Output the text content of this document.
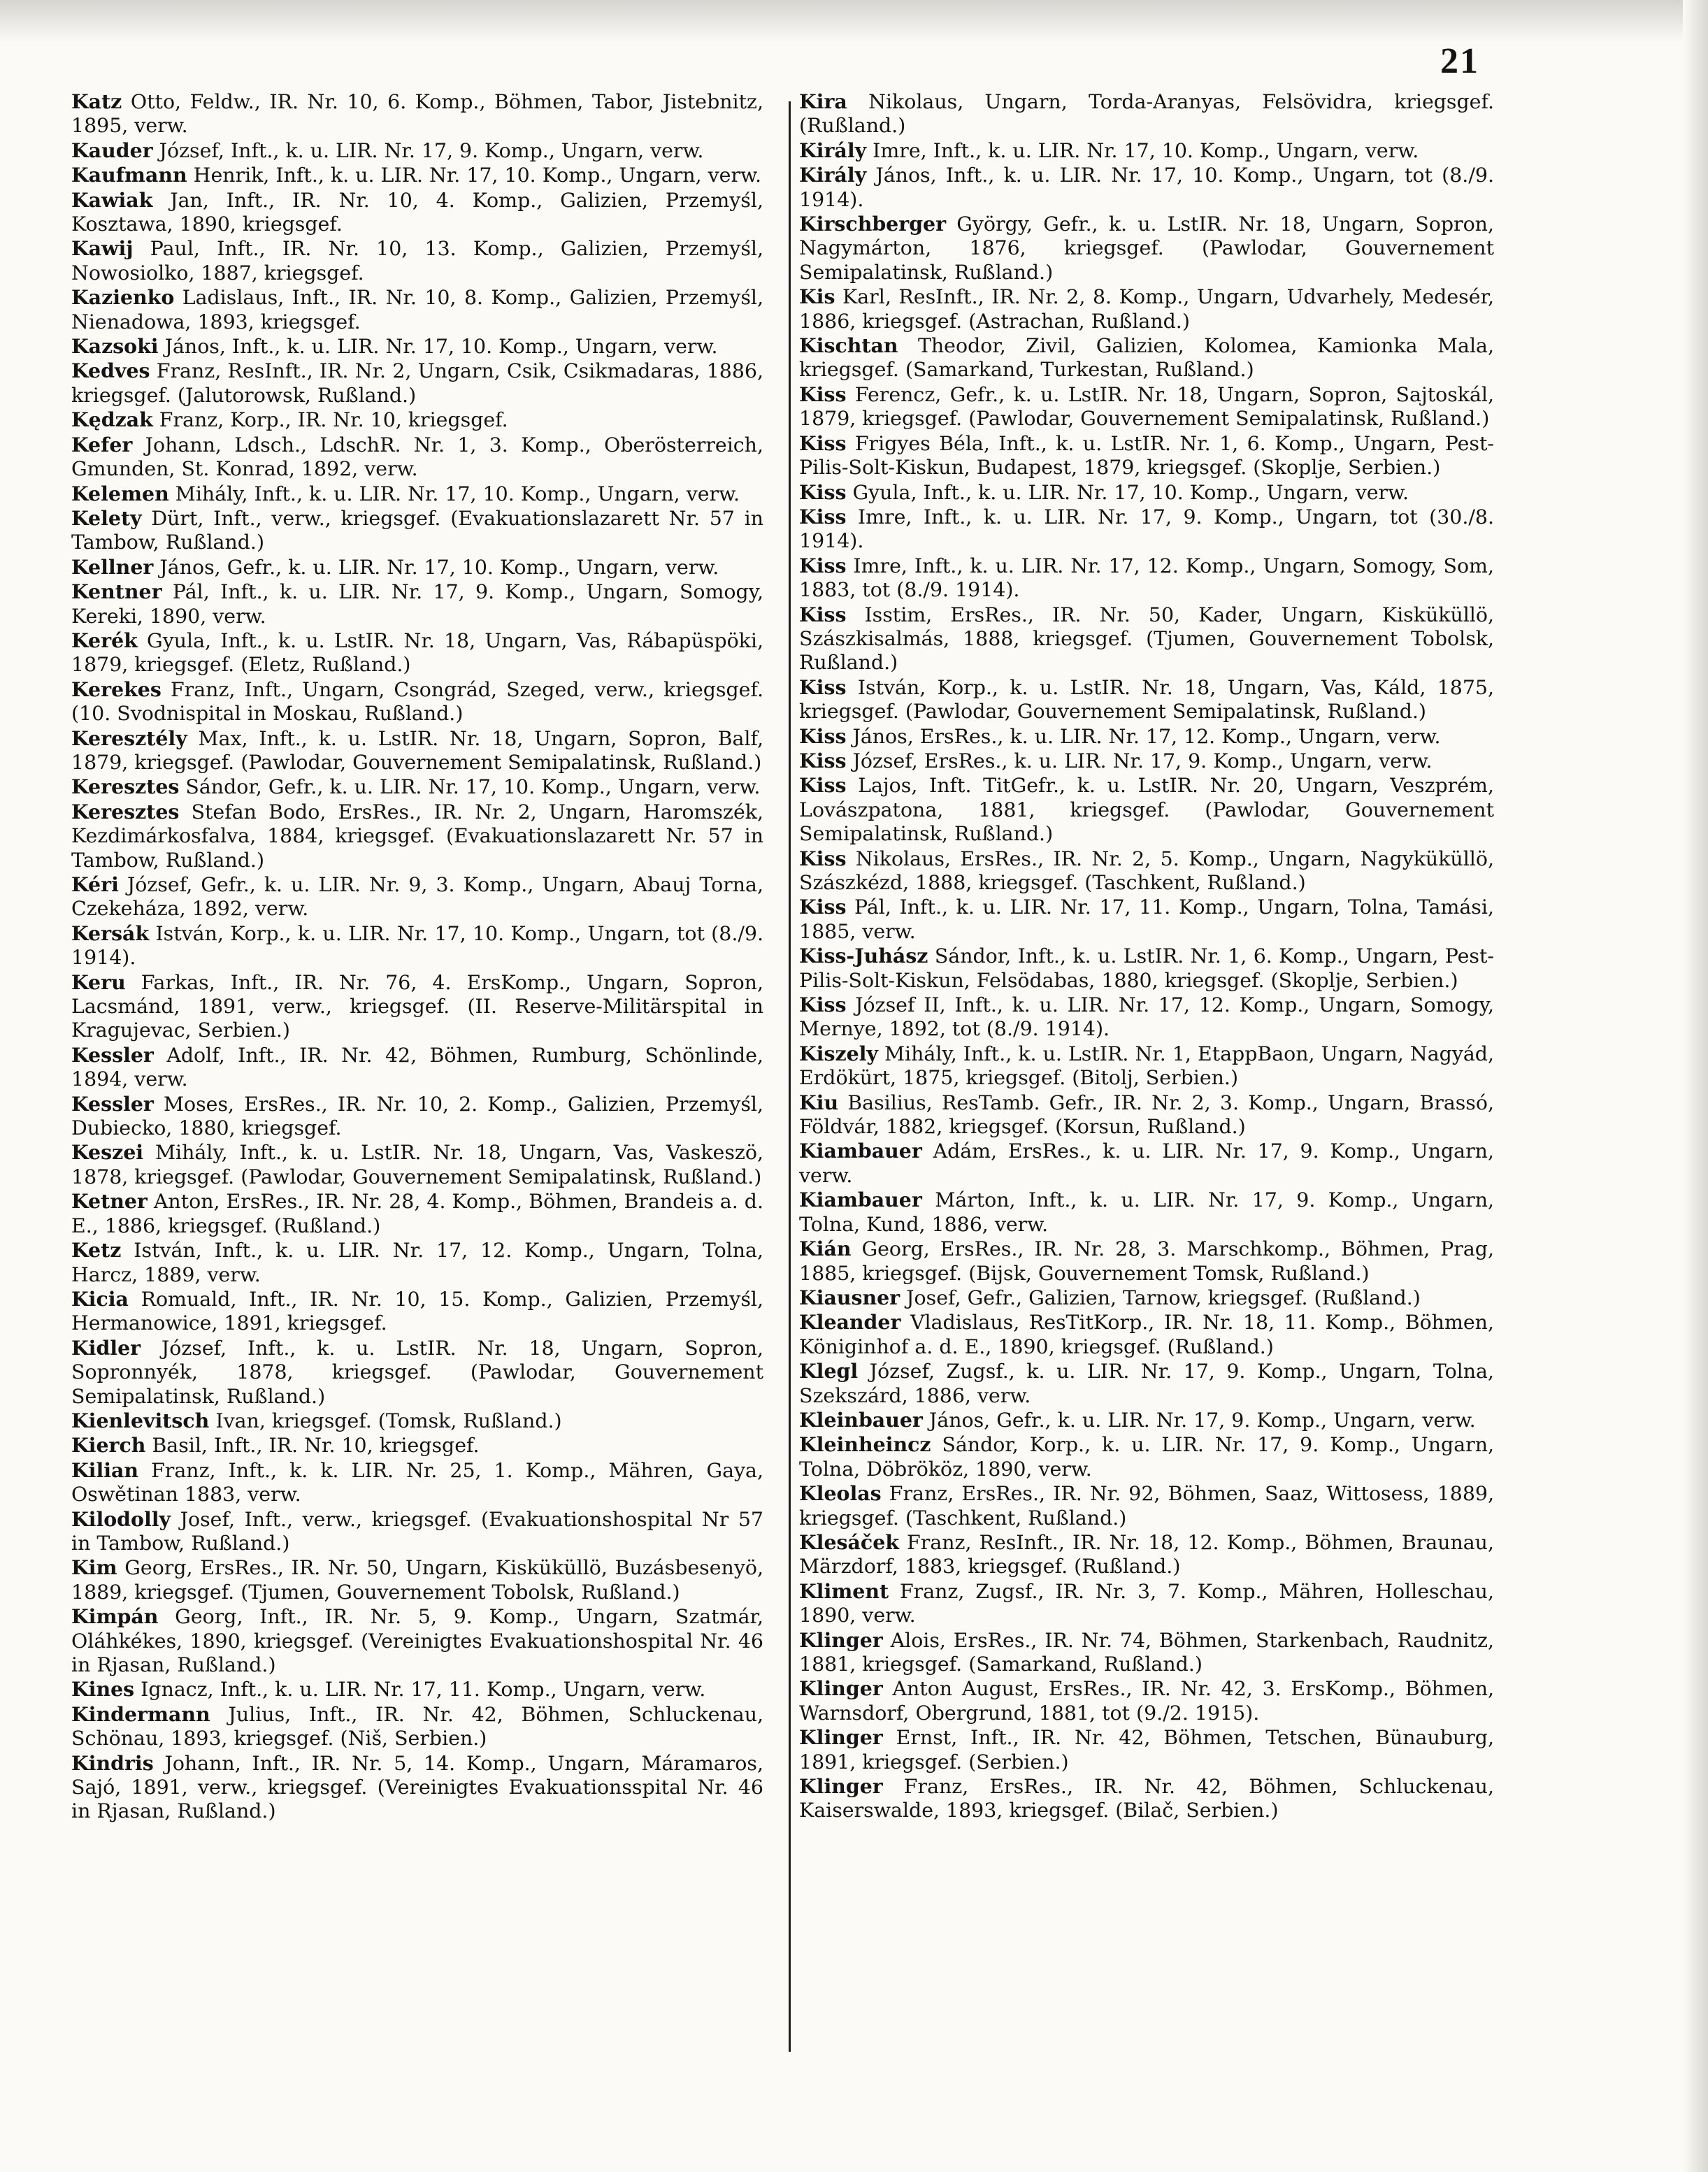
21

Katz Otto, Feldw., IR. Nr. 10, 6. Komp., Böhmen, Tabor, Jistebnitz, 1895, verw.

Kauder József, Inft., k. u. LIR. Nr. 17, 9. Komp., Ungarn, verw.

Kaufmann Henrik, Inft., k. u. LIR. Nr. 17, 10. Komp., Ungarn, verw.

Kawiak Jan, Inft., IR. Nr. 10, 4. Komp., Galizien, Przemyśl, Kosztawa, 1890, kriegsgef.

Kawij Paul, Inft., IR. Nr. 10, 13. Komp., Galizien, Przemyśl, Nowosiolko, 1887, kriegsgef.

Kazienko Ladislaus, Inft., IR. Nr. 10, 8. Komp., Galizien, Przemyśl, Nienadowa, 1893, kriegsgef.

Kazsoki János, Inft., k. u. LIR. Nr. 17, 10. Komp., Ungarn, verw.

Kedves Franz, ResInft., IR. Nr. 2, Ungarn, Csik, Csikmadaras, 1886, kriegsgef. (Jalutorowsk, Rußland.)

Kędzak Franz, Korp., IR. Nr. 10, kriegsgef.

Kefer Johann, Ldsch., LdschR. Nr. 1, 3. Komp., Oberösterreich, Gmunden, St. Konrad, 1892, verw.

Kelemen Mihály, Inft., k. u. LIR. Nr. 17, 10. Komp., Ungarn, verw.

Kelety Dürt, Inft., verw., kriegsgef. (Evakuationslazarett Nr. 57 in Tambow, Rußland.)

Kellner János, Gefr., k. u. LIR. Nr. 17, 10. Komp., Ungarn, verw.

Kentner Pál, Inft., k. u. LIR. Nr. 17, 9. Komp., Ungarn, Somogy, Kereki, 1890, verw.

Kerék Gyula, Inft., k. u. LstIR. Nr. 18, Ungarn, Vas, Rábapüspöki, 1879, kriegsgef. (Eletz, Rußland.)

Kerekes Franz, Inft., Ungarn, Csongrád, Szeged, verw., kriegsgef. (10. Svodnispital in Moskau, Rußland.)

Keresztély Max, Inft., k. u. LstIR. Nr. 18, Ungarn, Sopron, Balf, 1879, kriegsgef. (Pawlodar, Gouvernement Semipalatinsk, Rußland.)

Keresztes Sándor, Gefr., k. u. LIR. Nr. 17, 10. Komp., Ungarn, verw.

Keresztes Stefan Bodo, ErsRes., IR. Nr. 2, Ungarn, Haromszék, Kezdimárkosfalva, 1884, kriegsgef. (Evakuationslazarett Nr. 57 in Tambow, Rußland.)

Kéri József, Gefr., k. u. LIR. Nr. 9, 3. Komp., Ungarn, Abauj Torna, Czekeháza, 1892, verw.

Kersák István, Korp., k. u. LIR. Nr. 17, 10. Komp., Ungarn, tot (8./9. 1914).

Keru Farkas, Inft., IR. Nr. 76, 4. ErsKomp., Ungarn, Sopron, Lacsmánd, 1891, verw., kriegsgef. (II. Reserve-Militärspital in Kragujevac, Serbien.)

Kessler Adolf, Inft., IR. Nr. 42, Böhmen, Rumburg, Schönlinde, 1894, verw.

Kessler Moses, ErsRes., IR. Nr. 10, 2. Komp., Galizien, Przemyśl, Dubiecko, 1880, kriegsgef.

Keszei Mihály, Inft., k. u. LstIR. Nr. 18, Ungarn, Vas, Vaskeszö, 1878, kriegsgef. (Pawlodar, Gouvernement Semipalatinsk, Rußland.)

Ketner Anton, ErsRes., IR. Nr. 28, 4. Komp., Böhmen, Brandeis a. d. E., 1886, kriegsgef. (Rußland.)

Ketz István, Inft., k. u. LIR. Nr. 17, 12. Komp., Ungarn, Tolna, Harcz, 1889, verw.

Kicia Romuald, Inft., IR. Nr. 10, 15. Komp., Galizien, Przemyśl, Hermanowice, 1891, kriegsgef.

Kidler József, Inft., k. u. LstIR. Nr. 18, Ungarn, Sopron, Sopronnyék, 1878, kriegsgef. (Pawlodar, Gouvernement Semipalatinsk, Rußland.)

Kienlevitsch Ivan, kriegsgef. (Tomsk, Rußland.)

Kierch Basil, Inft., IR. Nr. 10, kriegsgef.

Kilian Franz, Inft., k. k. LIR. Nr. 25, 1. Komp., Mähren, Gaya, Oswětinan 1883, verw.

Kilodolly Josef, Inft., verw., kriegsgef. (Evakuationshospital Nr 57 in Tambow, Rußland.)

Kim Georg, ErsRes., IR. Nr. 50, Ungarn, Kisküküllö, Buzásbesenyö, 1889, kriegsgef. (Tjumen, Gouvernement Tobolsk, Rußland.)

Kimpán Georg, Inft., IR. Nr. 5, 9. Komp., Ungarn, Szatmár, Oláhkékes, 1890, kriegsgef. (Vereinigtes Evakuationshospital Nr. 46 in Rjasan, Rußland.)

Kines Ignacz, Inft., k. u. LIR. Nr. 17, 11. Komp., Ungarn, verw.

Kindermann Julius, Inft., IR. Nr. 42, Böhmen, Schluckenau, Schönau, 1893, kriegsgef. (Niš, Serbien.)

Kindris Johann, Inft., IR. Nr. 5, 14. Komp., Ungarn, Máramaros, Sajó, 1891, verw., kriegsgef. (Vereinigtes Evakuationsspital Nr. 46 in Rjasan, Rußland.)

Kira Nikolaus, Ungarn, Torda-Aranyas, Felsövidra, kriegsgef. (Rußland.)

Király Imre, Inft., k. u. LIR. Nr. 17, 10. Komp., Ungarn, verw.

Király János, Inft., k. u. LIR. Nr. 17, 10. Komp., Ungarn, tot (8./9. 1914).

Kirschberger György, Gefr., k. u. LstIR. Nr. 18, Ungarn, Sopron, Nagymárton, 1876, kriegsgef. (Pawlodar, Gouvernement Semipalatinsk, Rußland.)

Kis Karl, ResInft., IR. Nr. 2, 8. Komp., Ungarn, Udvarhely, Medesér, 1886, kriegsgef. (Astrachan, Rußland.)

Kischtan Theodor, Zivil, Galizien, Kolomea, Kamionka Mala, kriegsgef. (Samarkand, Turkestan, Rußland.)

Kiss Ferencz, Gefr., k. u. LstIR. Nr. 18, Ungarn, Sopron, Sajtoskál, 1879, kriegsgef. (Pawlodar, Gouvernement Semipalatinsk, Rußland.)

Kiss Frigyes Béla, Inft., k. u. LstIR. Nr. 1, 6. Komp., Ungarn, Pest-Pilis-Solt-Kiskun, Budapest, 1879, kriegsgef. (Skoplje, Serbien.)

Kiss Gyula, Inft., k. u. LIR. Nr. 17, 10. Komp., Ungarn, verw.

Kiss Imre, Inft., k. u. LIR. Nr. 17, 9. Komp., Ungarn, tot (30./8. 1914).

Kiss Imre, Inft., k. u. LIR. Nr. 17, 12. Komp., Ungarn, Somogy, Som, 1883, tot (8./9. 1914).

Kiss Isstim, ErsRes., IR. Nr. 50, Kader, Ungarn, Kisküküllö, Szászkisalmás, 1888, kriegsgef. (Tjumen, Gouvernement Tobolsk, Rußland.)

Kiss István, Korp., k. u. LstIR. Nr. 18, Ungarn, Vas, Káld, 1875, kriegsgef. (Pawlodar, Gouvernement Semipalatinsk, Rußland.)

Kiss János, ErsRes., k. u. LIR. Nr. 17, 12. Komp., Ungarn, verw.

Kiss József, ErsRes., k. u. LIR. Nr. 17, 9. Komp., Ungarn, verw.

Kiss Lajos, Inft. TitGefr., k. u. LstIR. Nr. 20, Ungarn, Veszprém, Lovászpatona, 1881, kriegsgef. (Pawlodar, Gouvernement Semipalatinsk, Rußland.)

Kiss Nikolaus, ErsRes., IR. Nr. 2, 5. Komp., Ungarn, Nagyküküllö, Szászkézd, 1888, kriegsgef. (Taschkent, Rußland.)

Kiss Pál, Inft., k. u. LIR. Nr. 17, 11. Komp., Ungarn, Tolna, Tamási, 1885, verw.

Kiss-Juhász Sándor, Inft., k. u. LstIR. Nr. 1, 6. Komp., Ungarn, Pest-Pilis-Solt-Kiskun, Felsödabas, 1880, kriegsgef. (Skoplje, Serbien.)

Kiss József II, Inft., k. u. LIR. Nr. 17, 12. Komp., Ungarn, Somogy, Mernye, 1892, tot (8./9. 1914).

Kiszely Mihály, Inft., k. u. LstIR. Nr. 1, EtappBaon, Ungarn, Nagyád, Erdökürt, 1875, kriegsgef. (Bitolj, Serbien.)

Kiu Basilius, ResTamb. Gefr., IR. Nr. 2, 3. Komp., Ungarn, Brassó, Földvár, 1882, kriegsgef. (Korsun, Rußland.)

Kiambauer Adám, ErsRes., k. u. LIR. Nr. 17, 9. Komp., Ungarn, verw.

Kiambauer Márton, Inft., k. u. LIR. Nr. 17, 9. Komp., Ungarn, Tolna, Kund, 1886, verw.

Kián Georg, ErsRes., IR. Nr. 28, 3. Marschkomp., Böhmen, Prag, 1885, kriegsgef. (Bijsk, Gouvernement Tomsk, Rußland.)

Kiausner Josef, Gefr., Galizien, Tarnow, kriegsgef. (Rußland.)

Kleander Vladislaus, ResTitKorp., IR. Nr. 18, 11. Komp., Böhmen, Königinhof a. d. E., 1890, kriegsgef. (Rußland.)

Klegl József, Zugsf., k. u. LIR. Nr. 17, 9. Komp., Ungarn, Tolna, Szekszárd, 1886, verw.

Kleinbauer János, Gefr., k. u. LIR. Nr. 17, 9. Komp., Ungarn, verw.

Kleinheincz Sándor, Korp., k. u. LIR. Nr. 17, 9. Komp., Ungarn, Tolna, Döbrököz, 1890, verw.

Kleolas Franz, ErsRes., IR. Nr. 92, Böhmen, Saaz, Wittosess, 1889, kriegsgef. (Taschkent, Rußland.)

Klesáček Franz, ResInft., IR. Nr. 18, 12. Komp., Böhmen, Braunau, Märzdorf, 1883, kriegsgef. (Rußland.)

Kliment Franz, Zugsf., IR. Nr. 3, 7. Komp., Mähren, Holleschau, 1890, verw.

Klinger Alois, ErsRes., IR. Nr. 74, Böhmen, Starkenbach, Raudnitz, 1881, kriegsgef. (Samarkand, Rußland.)

Klinger Anton August, ErsRes., IR. Nr. 42, 3. ErsKomp., Böhmen, Warnsdorf, Obergrund, 1881, tot (9./2. 1915).

Klinger Ernst, Inft., IR. Nr. 42, Böhmen, Tetschen, Bünauburg, 1891, kriegsgef. (Serbien.)

Klinger Franz, ErsRes., IR. Nr. 42, Böhmen, Schluckenau, Kaiserswalde, 1893, kriegsgef. (Bilač, Serbien.)
